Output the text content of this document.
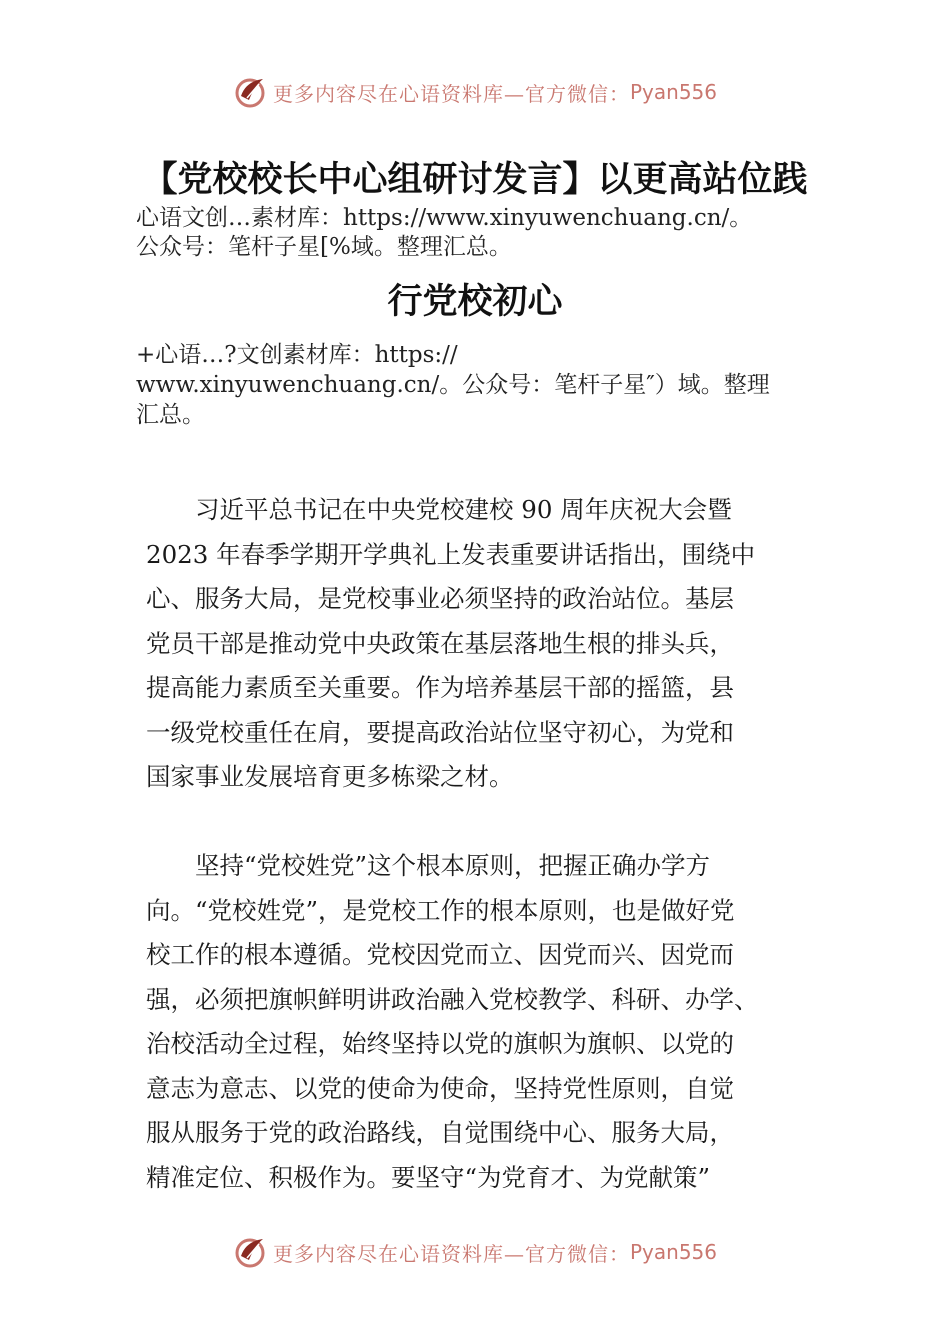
更多内容尽在心语资料库—官方微信： Pyan556
【党校校长中心组研讨发言】以更高站位践
心语文创…素材库：https://www.xinyuwenchuang.cn/。
公众号：笔杆子星[%域。整理汇总。
行党校初心
+心语…?文创素材库：https://
www.xinyuwenchuang.cn/。公众号：笔杆子星″）域。整理
汇总。
　　习近平总书记在中央党校建校 90 周年庆祝大会暨
2023 年春季学期开学典礼上发表重要讲话指出，围绕中
心、服务大局，是党校事业必须坚持的政治站位。基层
党员干部是推动党中央政策在基层落地生根的排头兵，
提高能力素质至关重要。作为培养基层干部的摇篮，县
一级党校重任在肩，要提高政治站位坚守初心，为党和
国家事业发展培育更多栋梁之材。
　　坚持“党校姓党”这个根本原则，把握正确办学方
向。“党校姓党”，是党校工作的根本原则，也是做好党
校工作的根本遵循。党校因党而立、因党而兴、因党而
强，必须把旗帜鲜明讲政治融入党校教学、科研、办学、
治校活动全过程，始终坚持以党的旗帜为旗帜、以党的
意志为意志、以党的使命为使命，坚持党性原则，自觉
服从服务于党的政治路线，自觉围绕中心、服务大局，
精准定位、积极作为。要坚守“为党育才、为党献策”
更多内容尽在心语资料库—官方微信： Pyan556
